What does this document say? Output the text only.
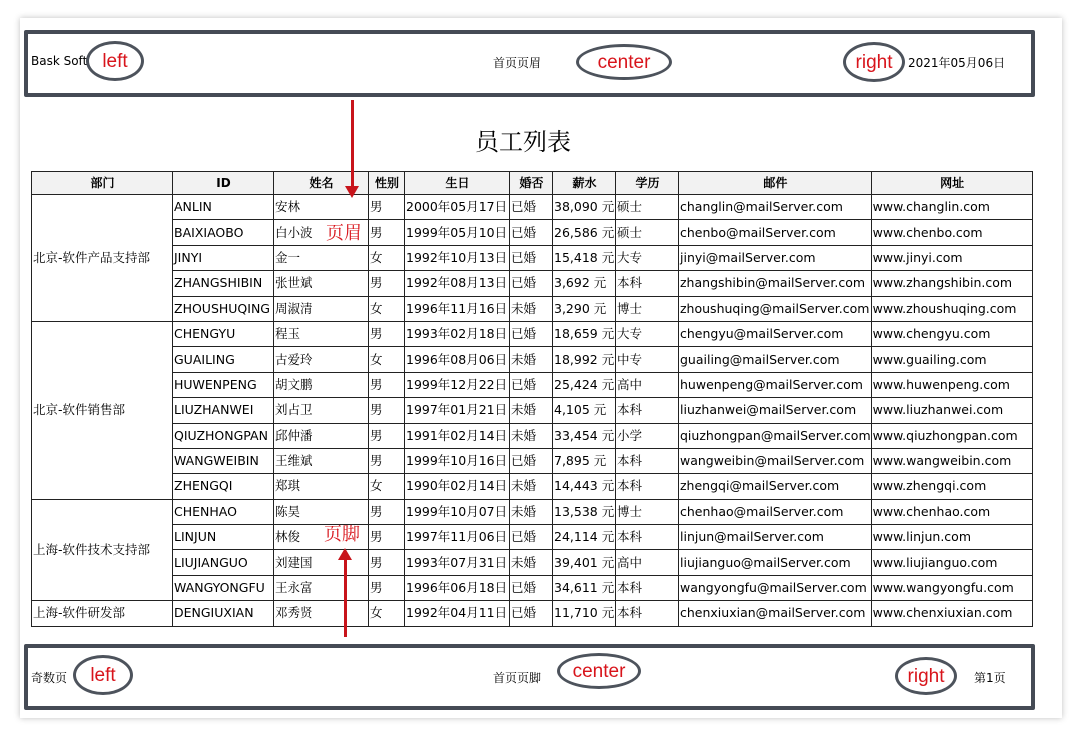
Bask Soft	首页页眉	2021年05月06日
left	center	right
奇数页	首页页脚	第1页
left	center	right
员工列表
部门	ID	姓名	性别	生日	婚否	薪水	学历	邮件	网址
北京-软件产品支持部	ANLIN	安林	男	2000年05月17日	已婚	38,090 元	硕士	changlin@mailServer.com	www.changlin.com
	BAIXIAOBO	白小波	男	1999年05月10日	已婚	26,586 元	硕士	chenbo@mailServer.com	www.chenbo.com
	JINYI	金一	女	1992年10月13日	已婚	15,418 元	大专	jinyi@mailServer.com	www.jinyi.com
	ZHANGSHIBIN	张世斌	男	1992年08月13日	已婚	3,692 元	本科	zhangshibin@mailServer.com	www.zhangshibin.com
	ZHOUSHUQING	周淑清	女	1996年11月16日	未婚	3,290 元	博士	zhoushuqing@mailServer.com	www.zhoushuqing.com
北京-软件销售部	CHENGYU	程玉	男	1993年02月18日	已婚	18,659 元	大专	chengyu@mailServer.com	www.chengyu.com
	GUAILING	古爱玲	女	1996年08月06日	未婚	18,992 元	中专	guailing@mailServer.com	www.guailing.com
	HUWENPENG	胡文鹏	男	1999年12月22日	已婚	25,424 元	高中	huwenpeng@mailServer.com	www.huwenpeng.com
	LIUZHANWEI	刘占卫	男	1997年01月21日	未婚	4,105 元	本科	liuzhanwei@mailServer.com	www.liuzhanwei.com
	QIUZHONGPAN	邱仲潘	男	1991年02月14日	未婚	33,454 元	小学	qiuzhongpan@mailServer.com	www.qiuzhongpan.com
	WANGWEIBIN	王维斌	男	1999年10月16日	已婚	7,895 元	本科	wangweibin@mailServer.com	www.wangweibin.com
	ZHENGQI	郑琪	女	1990年02月14日	未婚	14,443 元	本科	zhengqi@mailServer.com	www.zhengqi.com
上海-软件技术支持部	CHENHAO	陈昊	男	1999年10月07日	未婚	13,538 元	博士	chenhao@mailServer.com	www.chenhao.com
	LINJUN	林俊	男	1997年11月06日	已婚	24,114 元	本科	linjun@mailServer.com	www.linjun.com
	LIUJIANGUO	刘建国	男	1993年07月31日	未婚	39,401 元	高中	liujianguo@mailServer.com	www.liujianguo.com
	WANGYONGFU	王永富	男	1996年06月18日	已婚	34,611 元	本科	wangyongfu@mailServer.com	www.wangyongfu.com
上海-软件研发部	DENGIUXIAN	邓秀贤	女	1992年04月11日	已婚	11,710 元	本科	chenxiuxian@mailServer.com	www.chenxiuxian.com
页眉
页脚
